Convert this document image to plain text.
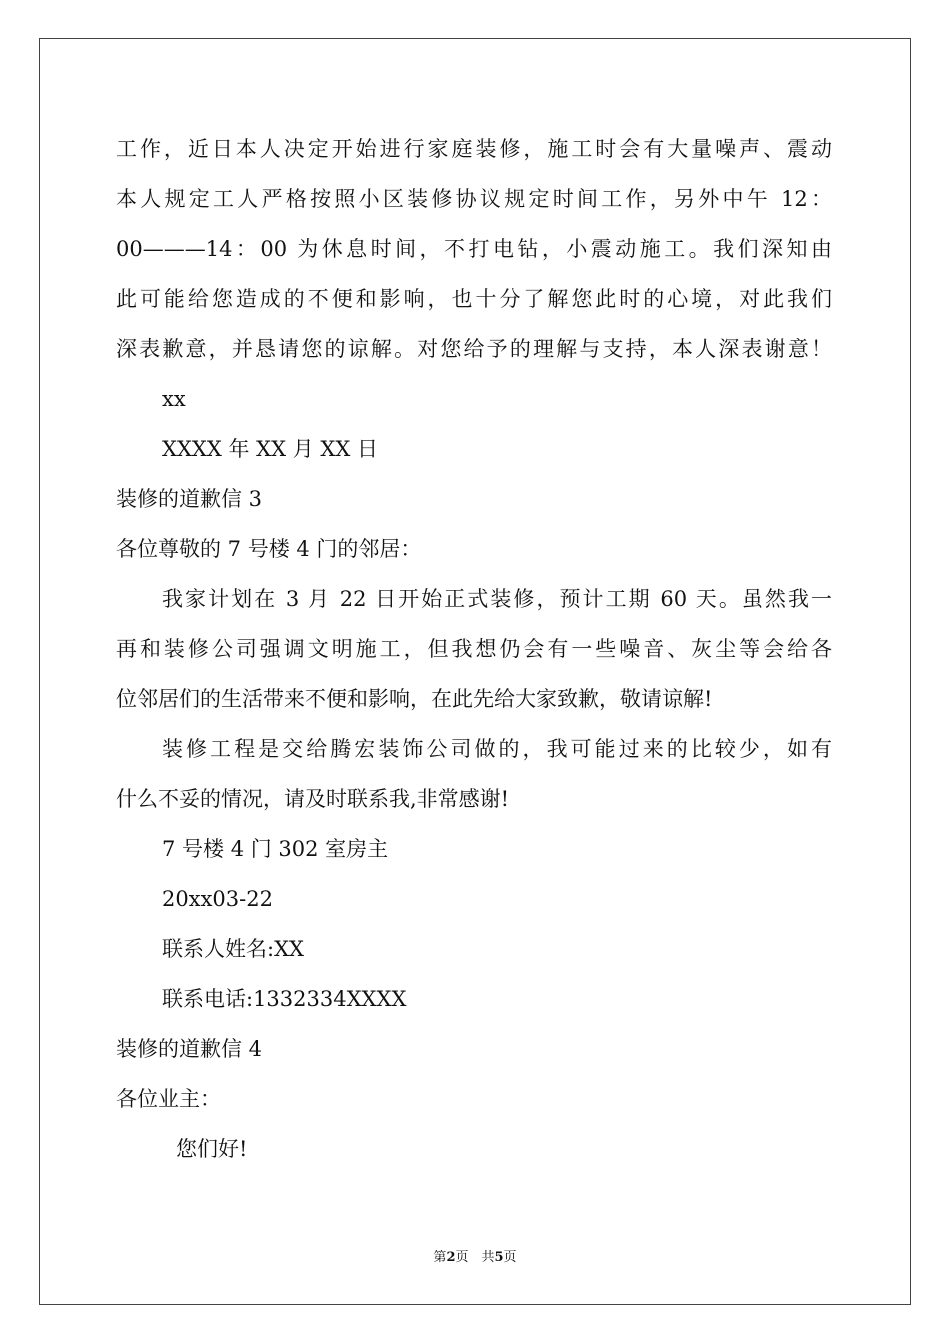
工作，近日本人决定开始进行家庭装修，施工时会有大量噪声、震动
本人规定工人严格按照小区装修协议规定时间工作，另外中午 12：
00———14：00 为休息时间，不打电钻，小震动施工。我们深知由
此可能给您造成的不便和影响，也十分了解您此时的心境，对此我们
深表歉意，并恳请您的谅解。对您给予的理解与支持，本人深表谢意！
xx
XXXX 年 XX 月 XX 日
装修的道歉信 3
各位尊敬的 7 号楼 4 门的邻居：
我家计划在 3 月 22 日开始正式装修，预计工期 60 天。虽然我一
再和装修公司强调文明施工，但我想仍会有一些噪音、灰尘等会给各
位邻居们的生活带来不便和影响，在此先给大家致歉，敬请谅解!
装修工程是交给腾宏装饰公司做的，我可能过来的比较少，如有
什么不妥的情况，请及时联系我,非常感谢!
7 号楼 4 门 302 室房主
20xx03-22
联系人姓名:XX
联系电话:1332334XXXX
装修的道歉信 4
各位业主：
您们好!
第2页　共5页
